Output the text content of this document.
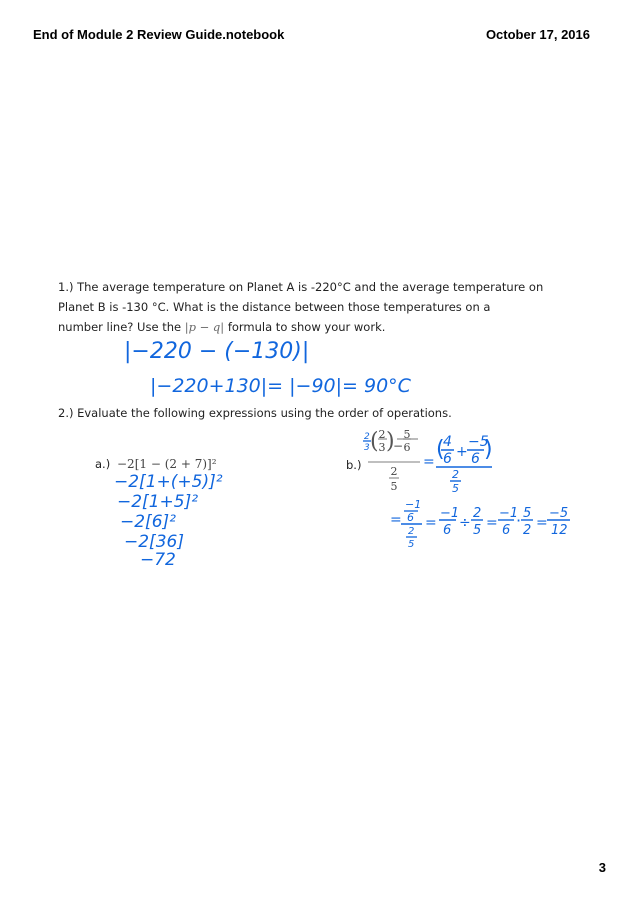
End of Module 2 Review Guide.notebook	October 17, 2016
1.) The average temperature on Planet A is -220°C and the average temperature on
Planet B is -130 °C. What is the distance between those temperatures on a
number line? Use the |p − q| formula to show your work.
|−220 − (−130)|
|−220+130|= |−90|= 90°C
2.) Evaluate the following expressions using the order of operations.
a.) −2[1 − (2 + 7)]²
−2[1+(+5)]²
−2[1+5]²
−2[6]²
−2[36]
−72
b.)
2
3 ( )
= (
4
6 +
−5
6 )
2
5
=
−1
6
2
5
=
−1
6 ÷
2
5 =
−1
6
· 5
2 =
−5
12
2
3
5
6
2
5
−
3
